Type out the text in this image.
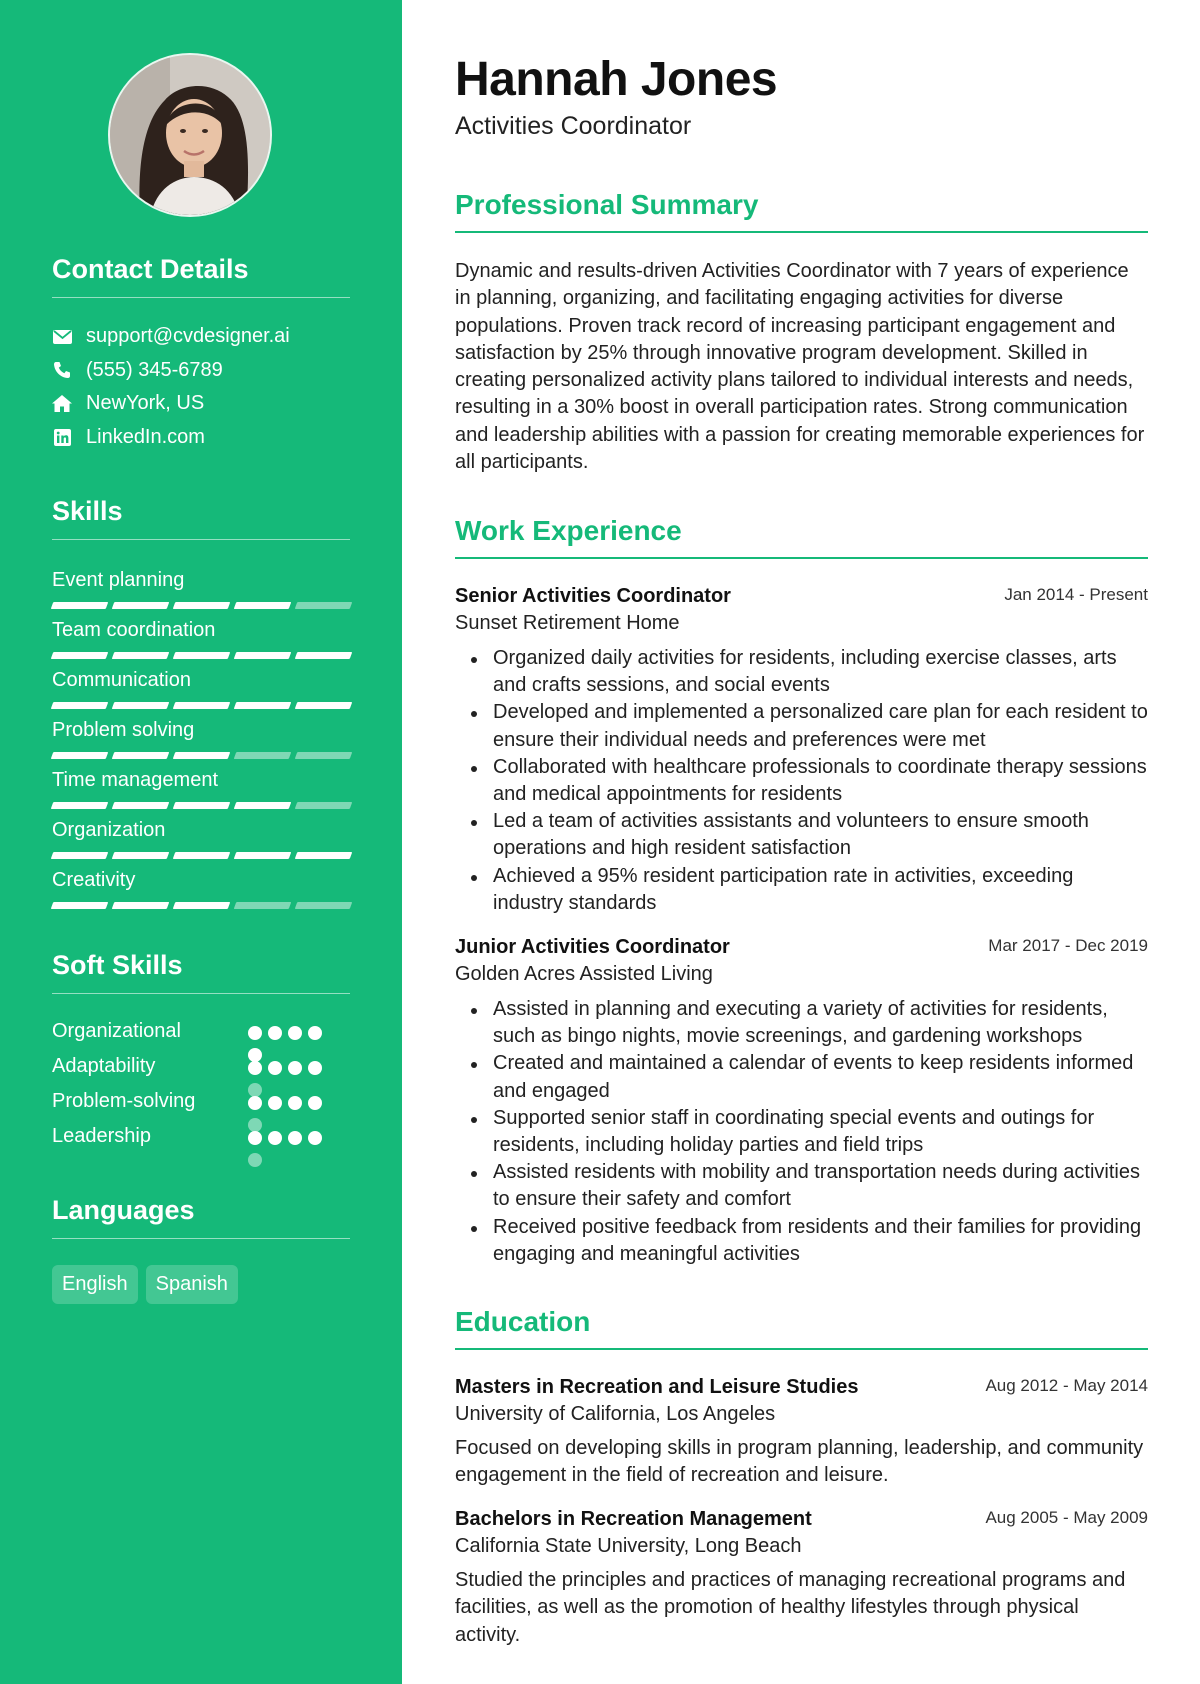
Contact Details
support@cvdesigner.ai
(555) 345-6789
NewYork, US
LinkedIn.com
Skills
Event planning
Team coordination
Communication
Problem solving
Time management
Organization
Creativity
Soft Skills
Organizational
Adaptability
Problem-solving
Leadership
Languages
English	Spanish
Hannah Jones
Activities Coordinator
Professional Summary

Dynamic and results-driven Activities Coordinator with 7 years of experience in planning, organizing, and facilitating engaging activities for diverse populations. Proven track record of increasing participant engagement and satisfaction by 25% through innovative program development. Skilled in creating personalized activity plans tailored to individual interests and needs, resulting in a 30% boost in overall participation rates. Strong communication and leadership abilities with a passion for creating memorable experiences for all participants.

Work Experience
Senior Activities Coordinator	Jan 2014 - Present
Sunset Retirement Home
Organized daily activities for residents, including exercise classes, arts and crafts sessions, and social events
Developed and implemented a personalized care plan for each resident to ensure their individual needs and preferences were met
Collaborated with healthcare professionals to coordinate therapy sessions and medical appointments for residents
Led a team of activities assistants and volunteers to ensure smooth operations and high resident satisfaction
Achieved a 95% resident participation rate in activities, exceeding industry standards
Junior Activities Coordinator	Mar 2017 - Dec 2019
Golden Acres Assisted Living
Assisted in planning and executing a variety of activities for residents, such as bingo nights, movie screenings, and gardening workshops
Created and maintained a calendar of events to keep residents informed and engaged
Supported senior staff in coordinating special events and outings for residents, including holiday parties and field trips
Assisted residents with mobility and transportation needs during activities to ensure their safety and comfort
Received positive feedback from residents and their families for providing engaging and meaningful activities
Education
Masters in Recreation and Leisure Studies	Aug 2012 - May 2014
University of California, Los Angeles

Focused on developing skills in program planning, leadership, and community engagement in the field of recreation and leisure.

Bachelors in Recreation Management	Aug 2005 - May 2009
California State University, Long Beach

Studied the principles and practices of managing recreational programs and facilities, as well as the promotion of healthy lifestyles through physical activity.
